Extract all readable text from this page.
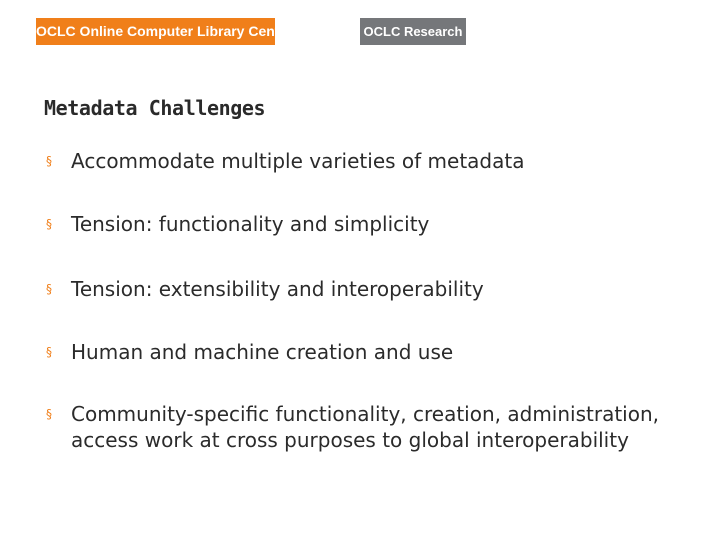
OCLC Online Computer Library Center	OCLC Research
Metadata Challenges
§ Accommodate multiple varieties of metadata
§ Tension: functionality and simplicity
§ Tension: extensibility and interoperability
§ Human and machine creation and use
§ Community-specific functionality, creation, administration, access work at cross purposes to global interoperability
